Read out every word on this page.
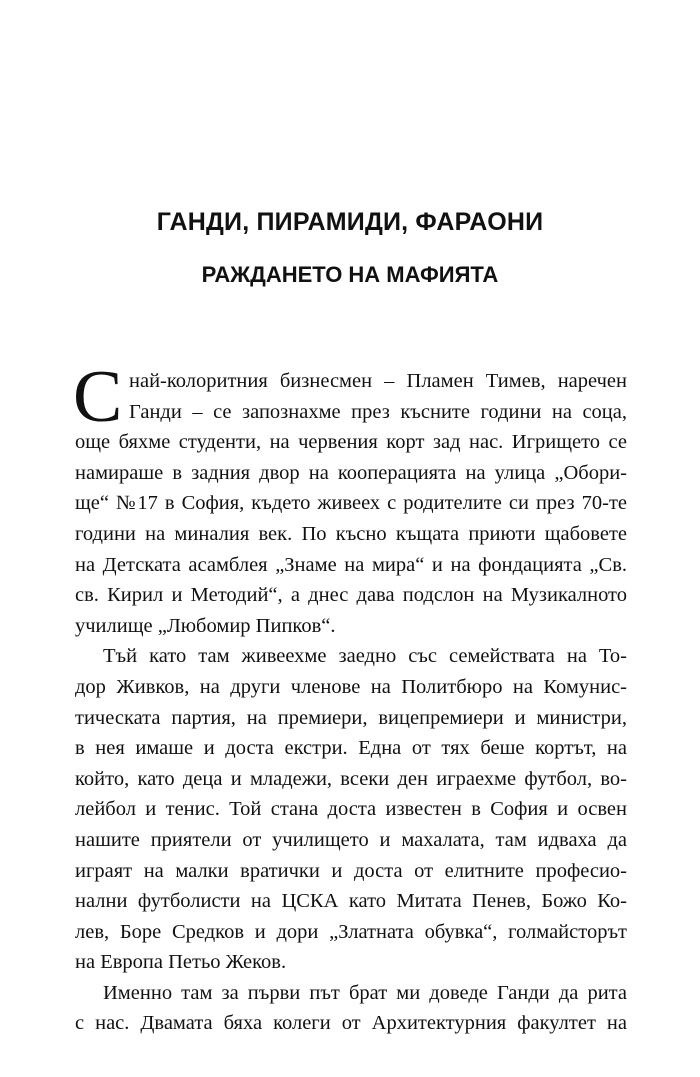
ГАНДИ, ПИРАМИДИ, ФАРАОНИ
РАЖДАНЕТО НА МАФИЯТА
С най-колоритния бизнесмен – Пламен Тимев, наречен
Ганди – се запознахме през късните години на соца,
още бяхме студенти, на червения корт зад нас. Игрището се
намираше в задния двор на кооперацията на улица „Обори-
ще“ №17 в София, където живеех с родителите си през 70-те
години на миналия век. По късно къщата приюти щабовете
на Детската асамблея „Знаме на мира“ и на фондацията „Св.
св. Кирил и Методий“, а днес дава подслон на Музикалното
училище „Любомир Пипков“.
Тъй като там живеехме заедно със семействата на То-
дор Живков, на други членове на Политбюро на Комунис-
тическата партия, на премиери, вицепремиери и министри,
в нея имаше и доста екстри. Една от тях беше кортът, на
който, като деца и младежи, всеки ден играехме футбол, во-
лейбол и тенис. Той стана доста известен в София и освен
нашите приятели от училището и махалата, там идваха да
играят на малки вратички и доста от елитните професио-
нални футболисти на ЦСКА като Митата Пенев, Божо Ко-
лев, Боре Средков и дори „Златната обувка“, голмайсторът
на Европа Петьо Жеков.
Именно там за първи път брат ми доведе Ганди да рита
с нас. Двамата бяха колеги от Архитектурния факултет на
